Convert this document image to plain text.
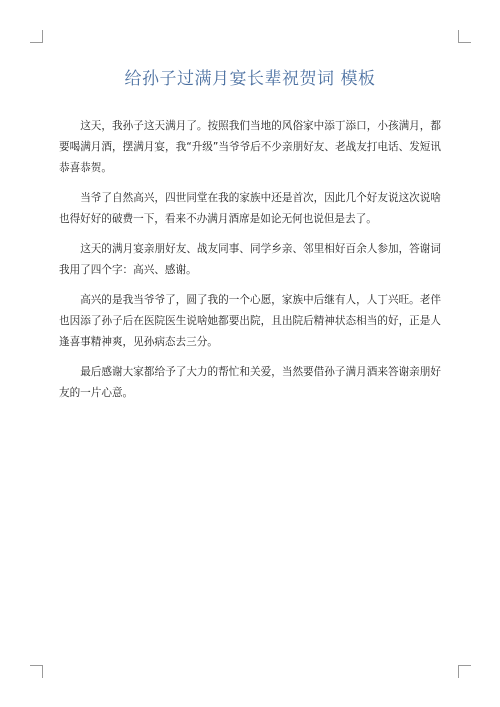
给孙子过满月宴长辈祝贺词 模板

这天，我孙子这天满月了。按照我们当地的风俗家中添丁添口，小孩满月，都要喝满月酒，摆满月宴，我“升级”当爷爷后不少亲朋好友、老战友打电话、发短讯恭喜恭贺。

当爷了自然高兴，四世同堂在我的家族中还是首次，因此几个好友说这次说啥也得好好的破费一下，看来不办满月酒席是如论无何也说但是去了。

这天的满月宴亲朋好友、战友同事、同学乡亲、邻里相好百余人参加，答谢词我用了四个字：高兴、感谢。

高兴的是我当爷爷了，圆了我的一个心愿，家族中后继有人，人丁兴旺。老伴也因添了孙子后在医院医生说啥她都要出院，且出院后精神状态相当的好，正是人逢喜事精神爽，见孙病态去三分。

最后感谢大家都给予了大力的帮忙和关爱，当然要借孙子满月酒来答谢亲朋好友的一片心意。
